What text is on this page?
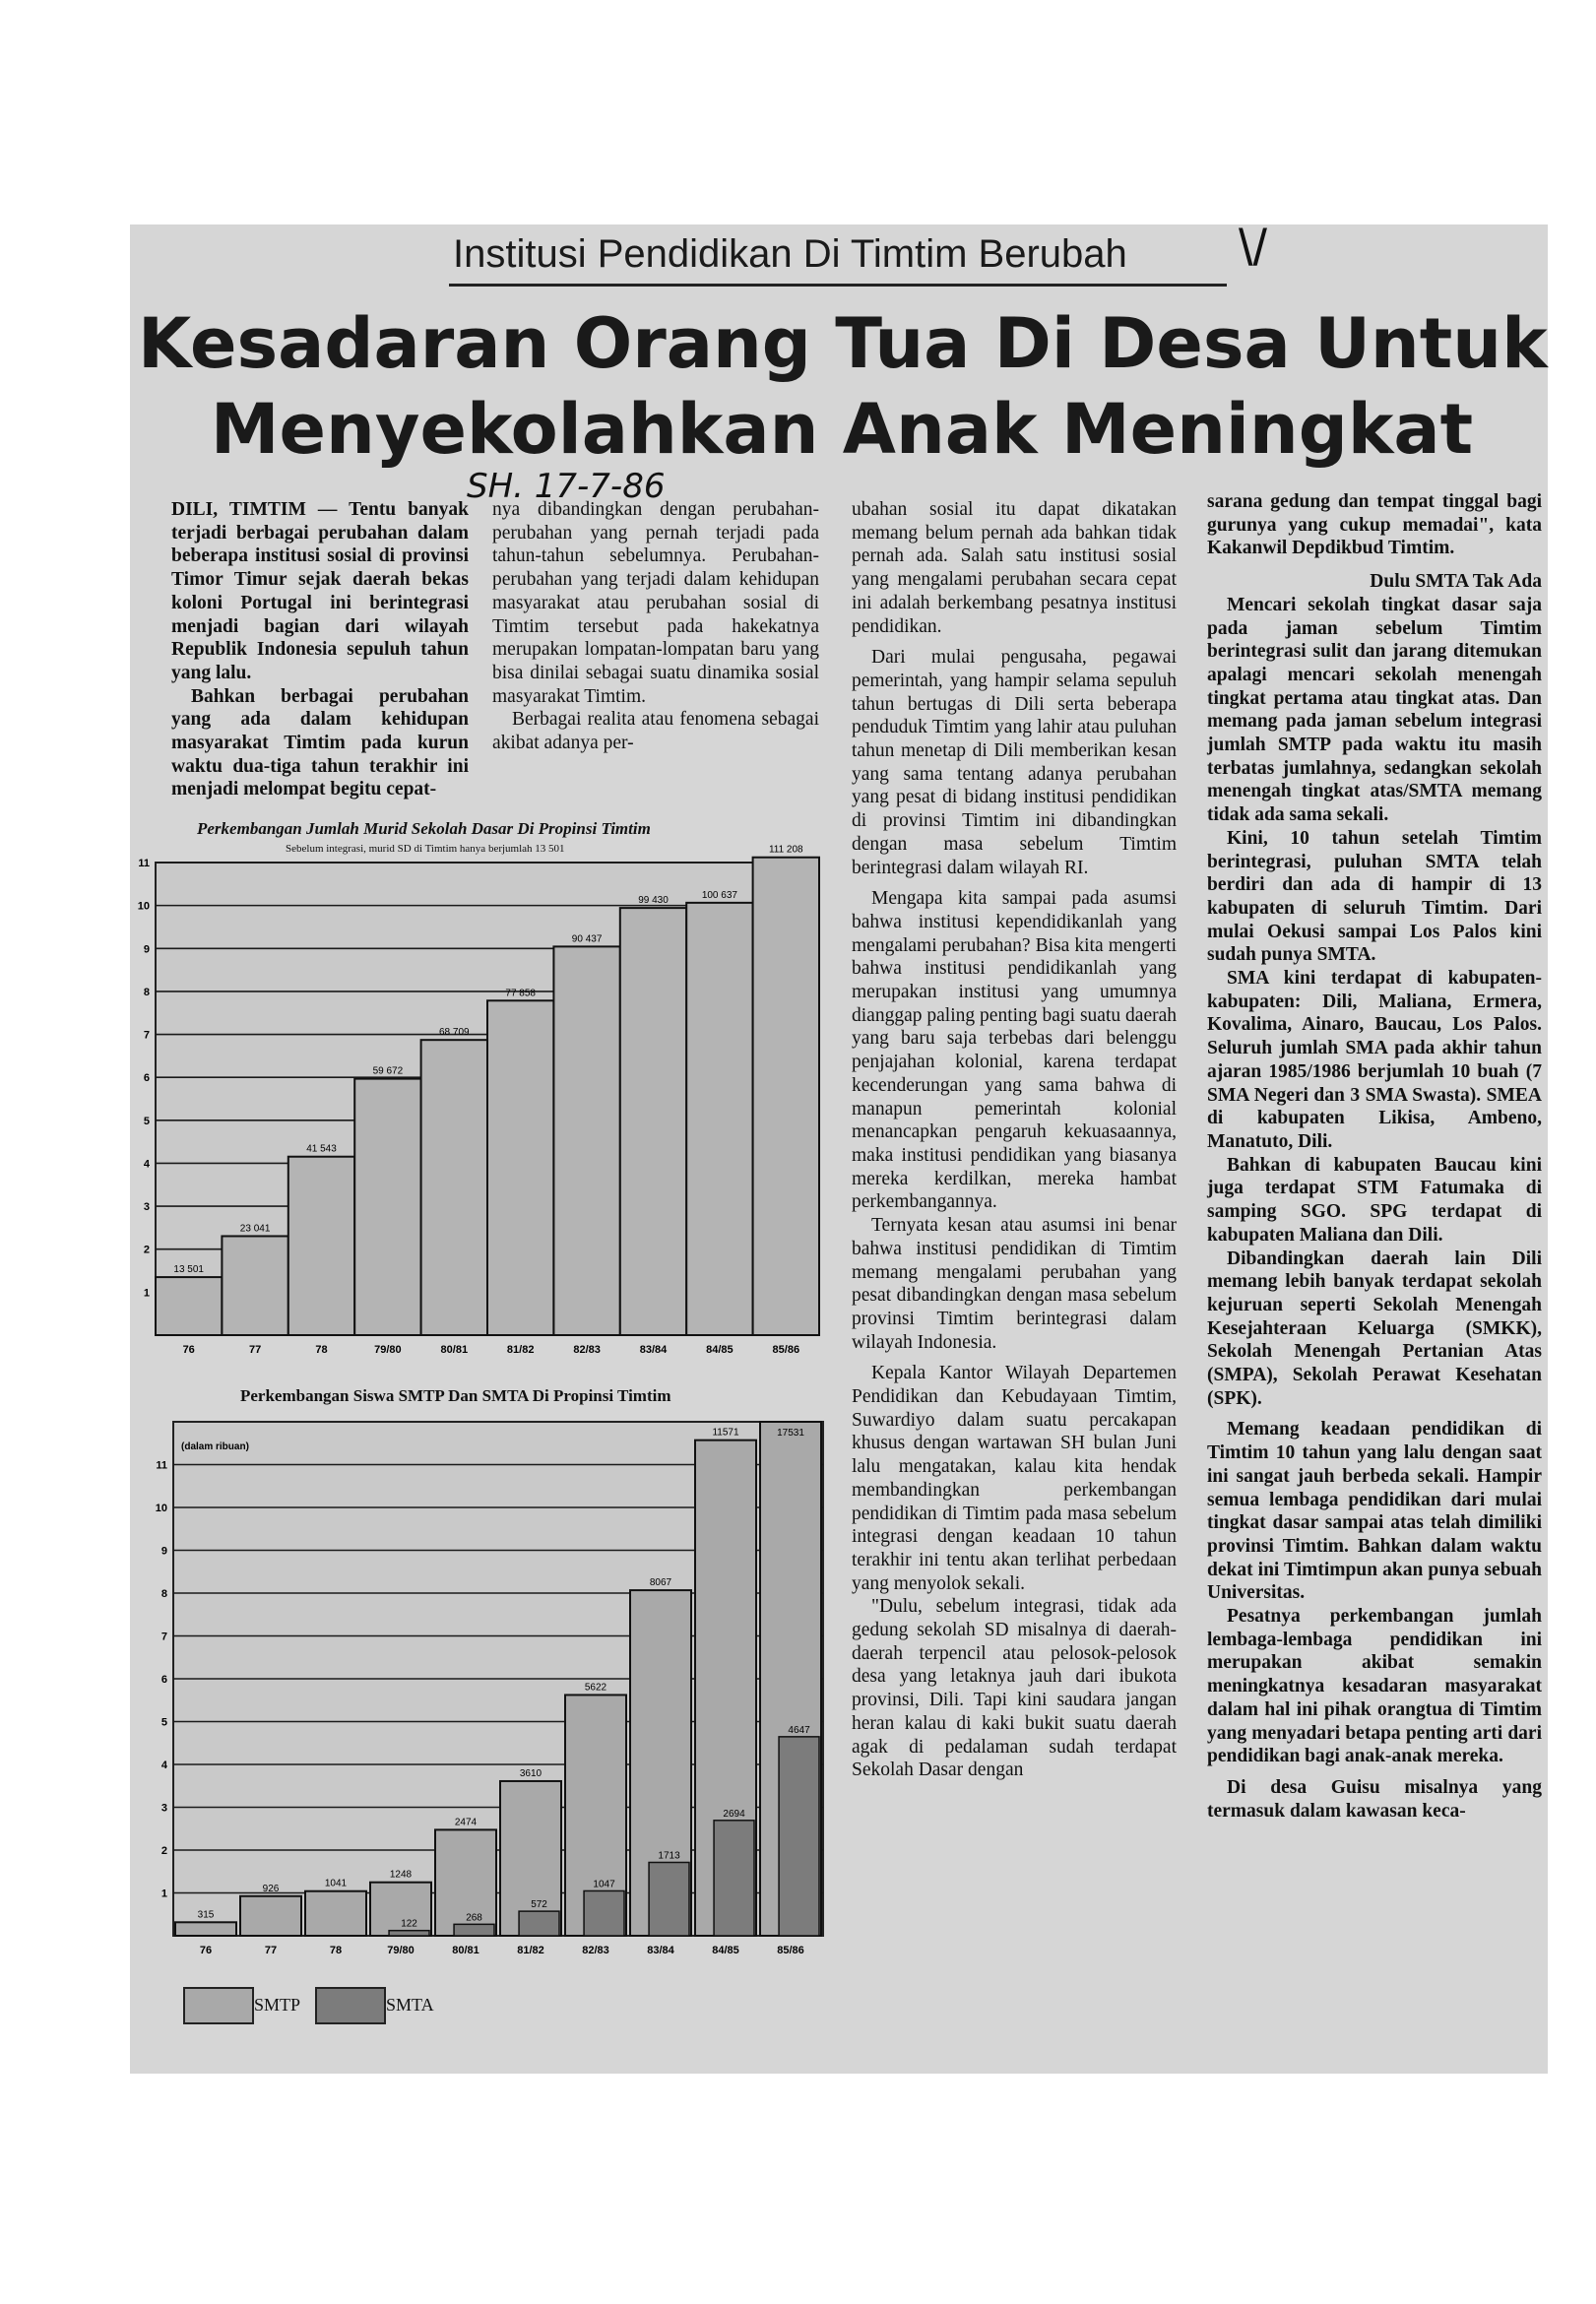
Institusi Pendidikan Di Timtim Berubah \/
Kesadaran Orang Tua Di Desa Untuk
Menyekolahkan Anak Meningkat
SH. 17-7-86

DILI, TIMTIM — Tentu banyak terjadi berbagai perubahan dalam beberapa institusi sosial di provinsi Timor Timur sejak daerah bekas koloni Portugal ini berintegrasi menjadi bagian dari wilayah Republik Indonesia sepuluh tahun yang lalu.

Bahkan berbagai perubahan yang ada dalam kehidupan masyarakat Timtim pada kurun waktu dua-tiga tahun terakhir ini menjadi melompat begitu cepat-

nya dibandingkan dengan perubahan-perubahan yang pernah terjadi pada tahun-tahun sebelumnya. Perubahan-perubahan yang terjadi dalam kehidupan masyarakat atau perubahan sosial di Timtim tersebut pada hakekatnya merupakan lompatan-lompatan baru yang bisa dinilai sebagai suatu dinamika sosial masyarakat Timtim.

Berbagai realita atau fenomena sebagai akibat adanya per-

ubahan sosial itu dapat dikatakan memang belum pernah ada bahkan tidak pernah ada. Salah satu institusi sosial yang mengalami perubahan secara cepat ini adalah berkembang pesatnya institusi pendidikan.

Dari mulai pengusaha, pegawai pemerintah, yang hampir selama sepuluh tahun bertugas di Dili serta beberapa penduduk Timtim yang lahir atau puluhan tahun menetap di Dili memberikan kesan yang sama tentang adanya perubahan yang pesat di bidang institusi pendidikan di provinsi Timtim ini dibandingkan dengan masa sebelum Timtim berintegrasi dalam wilayah RI.

Mengapa kita sampai pada asumsi bahwa institusi kependidikanlah yang mengalami perubahan? Bisa kita mengerti bahwa institusi pendidikanlah yang merupakan institusi yang umumnya dianggap paling penting bagi suatu daerah yang baru saja terbebas dari belenggu penjajahan kolonial, karena terdapat kecenderungan yang sama bahwa di manapun pemerintah kolonial menancapkan pengaruh kekuasaannya, maka institusi pendidikan yang biasanya mereka kerdilkan, mereka hambat perkembangannya.

Ternyata kesan atau asumsi ini benar bahwa institusi pendidikan di Timtim memang mengalami perubahan yang pesat dibandingkan dengan masa sebelum provinsi Timtim berintegrasi dalam wilayah Indonesia.

Kepala Kantor Wilayah Departemen Pendidikan dan Kebudayaan Timtim, Suwardiyo dalam suatu percakapan khusus dengan wartawan SH bulan Juni lalu mengatakan, kalau kita hendak membandingkan perkembangan pendidikan di Timtim pada masa sebelum integrasi dengan keadaan 10 tahun terakhir ini tentu akan terlihat perbedaan yang menyolok sekali.

"Dulu, sebelum integrasi, tidak ada gedung sekolah SD misalnya di daerah-daerah terpencil atau pelosok-pelosok desa yang letaknya jauh dari ibukota provinsi, Dili. Tapi kini saudara jangan heran kalau di kaki bukit suatu daerah agak di pedalaman sudah terdapat Sekolah Dasar dengan

sarana gedung dan tempat tinggal bagi gurunya yang cukup memadai", kata Kakanwil Depdikbud Timtim.

Dulu SMTA Tak Ada

Mencari sekolah tingkat dasar saja pada jaman sebelum Timtim berintegrasi sulit dan jarang ditemukan apalagi mencari sekolah menengah tingkat pertama atau tingkat atas. Dan memang pada jaman sebelum integrasi jumlah SMTP pada waktu itu masih terbatas jumlahnya, sedangkan sekolah menengah tingkat atas/SMTA memang tidak ada sama sekali.

Kini, 10 tahun setelah Timtim berintegrasi, puluhan SMTA telah berdiri dan ada di hampir di 13 kabupaten di seluruh Timtim. Dari mulai Oekusi sampai Los Palos kini sudah punya SMTA.

SMA kini terdapat di kabupaten-kabupaten: Dili, Maliana, Ermera, Kovalima, Ainaro, Baucau, Los Palos. Seluruh jumlah SMA pada akhir tahun ajaran 1985/1986 berjumlah 10 buah (7 SMA Negeri dan 3 SMA Swasta). SMEA di kabupaten Likisa, Ambeno, Manatuto, Dili.

Bahkan di kabupaten Baucau kini juga terdapat STM Fatumaka di samping SGO. SPG terdapat di kabupaten Maliana dan Dili.

Dibandingkan daerah lain Dili memang lebih banyak terdapat sekolah kejuruan seperti Sekolah Menengah Kesejahteraan Keluarga (SMKK), Sekolah Menengah Pertanian Atas (SMPA), Sekolah Perawat Kesehatan (SPK).

Memang keadaan pendidikan di Timtim 10 tahun yang lalu dengan saat ini sangat jauh berbeda sekali. Hampir semua lembaga pendidikan dari mulai tingkat dasar sampai atas telah dimiliki provinsi Timtim. Bahkan dalam waktu dekat ini Timtimpun akan punya sebuah Universitas.

Pesatnya perkembangan jumlah lembaga-lembaga pendidikan ini merupakan akibat semakin meningkatnya kesadaran masyarakat dalam hal ini pihak orangtua di Timtim yang menyadari betapa penting arti dari pendidikan bagi anak-anak mereka.

Di desa Guisu misalnya yang termasuk dalam kawasan keca-

Perkembangan Jumlah Murid Sekolah Dasar Di Propinsi Timtim
Sebelum integrasi, murid SD di Timtim hanya berjumlah 13 501
1
2
3
4
5
6
7
8
9
10
11
13 501
76
23 041
77
41 543
78
59 672
79/80
68 709
80/81
77 858
81/82
90 437
82/83
99 430
83/84
100 637
84/85
111 208
85/86
Perkembangan Siswa SMTP Dan SMTA Di Propinsi Timtim
(dalam ribuan)
1
2
3
4
5
6
7
8
9
10
11
315
76
926
77
1041
78
1248
122
79/80
2474
268
80/81
3610
572
81/82
5622
1047
82/83
8067
1713
83/84
11571
2694
84/85
17531
4647
85/86
SMTP	SMTA
